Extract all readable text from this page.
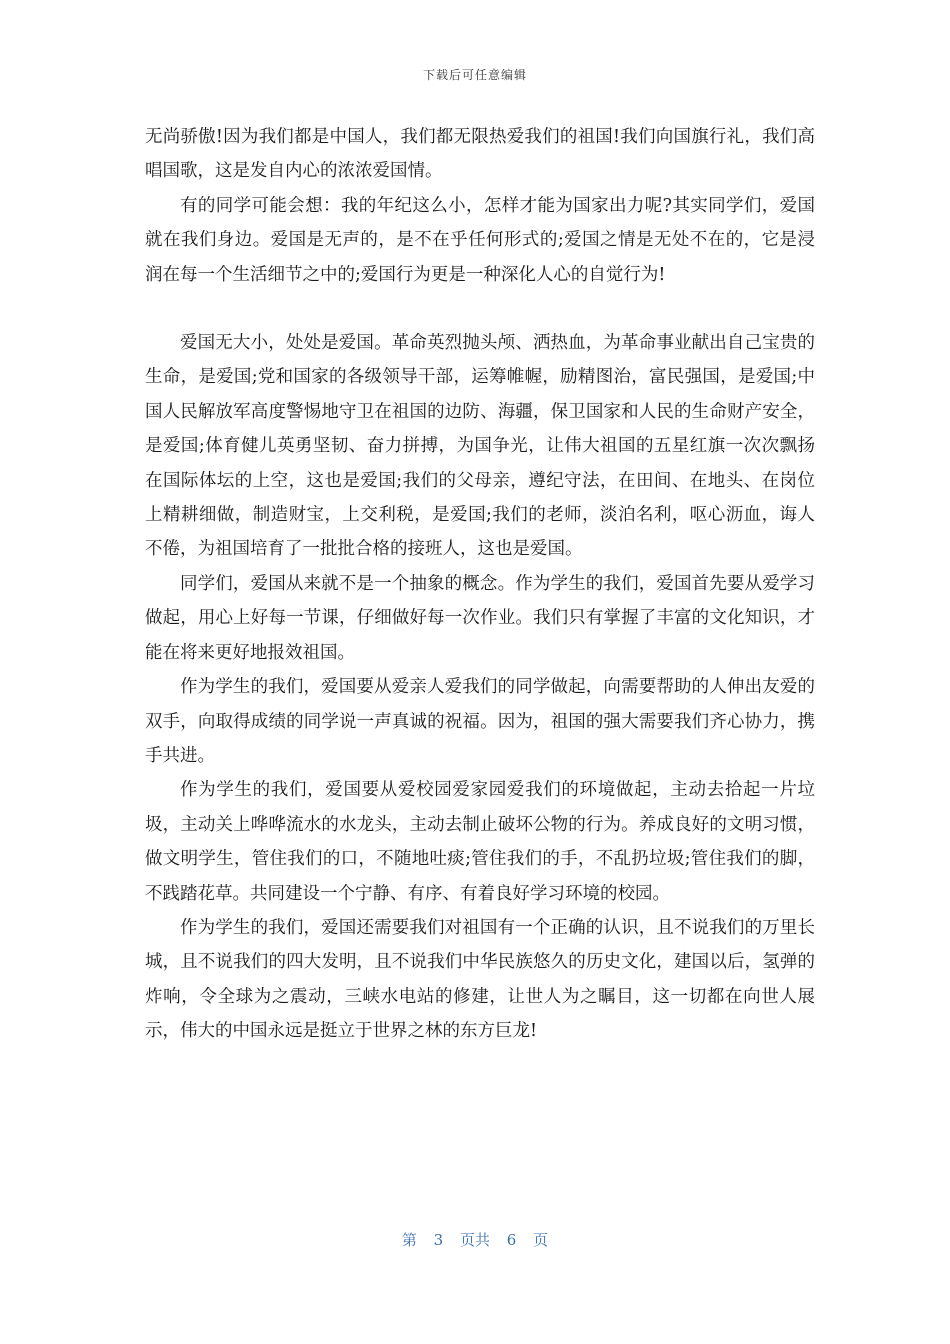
下载后可任意编辑

无尚骄傲!因为我们都是中国人，我们都无限热爱我们的祖国!我们向国旗行礼，我们高唱国歌，这是发自内心的浓浓爱国情。

有的同学可能会想：我的年纪这么小，怎样才能为国家出力呢?其实同学们，爱国就在我们身边。爱国是无声的，是不在乎任何形式的;爱国之情是无处不在的，它是浸润在每一个生活细节之中的;爱国行为更是一种深化人心的自觉行为!

爱国无大小，处处是爱国。革命英烈抛头颅、洒热血，为革命事业献出自己宝贵的生命，是爱国;党和国家的各级领导干部，运筹帷幄，励精图治，富民强国，是爱国;中国人民解放军高度警惕地守卫在祖国的边防、海疆，保卫国家和人民的生命财产安全，是爱国;体育健儿英勇坚韧、奋力拼搏，为国争光，让伟大祖国的五星红旗一次次飘扬在国际体坛的上空，这也是爱国;我们的父母亲，遵纪守法，在田间、在地头、在岗位上精耕细做，制造财宝，上交利税，是爱国;我们的老师，淡泊名利，呕心沥血，诲人不倦，为祖国培育了一批批合格的接班人，这也是爱国。

同学们，爱国从来就不是一个抽象的概念。作为学生的我们，爱国首先要从爱学习做起，用心上好每一节课，仔细做好每一次作业。我们只有掌握了丰富的文化知识，才能在将来更好地报效祖国。

作为学生的我们，爱国要从爱亲人爱我们的同学做起，向需要帮助的人伸出友爱的双手，向取得成绩的同学说一声真诚的祝福。因为，祖国的强大需要我们齐心协力，携手共进。

作为学生的我们，爱国要从爱校园爱家园爱我们的环境做起，主动去拾起一片垃圾，主动关上哗哗流水的水龙头，主动去制止破坏公物的行为。养成良好的文明习惯，做文明学生，管住我们的口，不随地吐痰;管住我们的手，不乱扔垃圾;管住我们的脚，不践踏花草。共同建设一个宁静、有序、有着良好学习环境的校园。

作为学生的我们，爱国还需要我们对祖国有一个正确的认识，且不说我们的万里长城，且不说我们的四大发明，且不说我们中华民族悠久的历史文化，建国以后，氢弹的炸响，令全球为之震动，三峡水电站的修建，让世人为之瞩目，这一切都在向世人展示，伟大的中国永远是挺立于世界之林的东方巨龙!

第 3 页共 6 页
